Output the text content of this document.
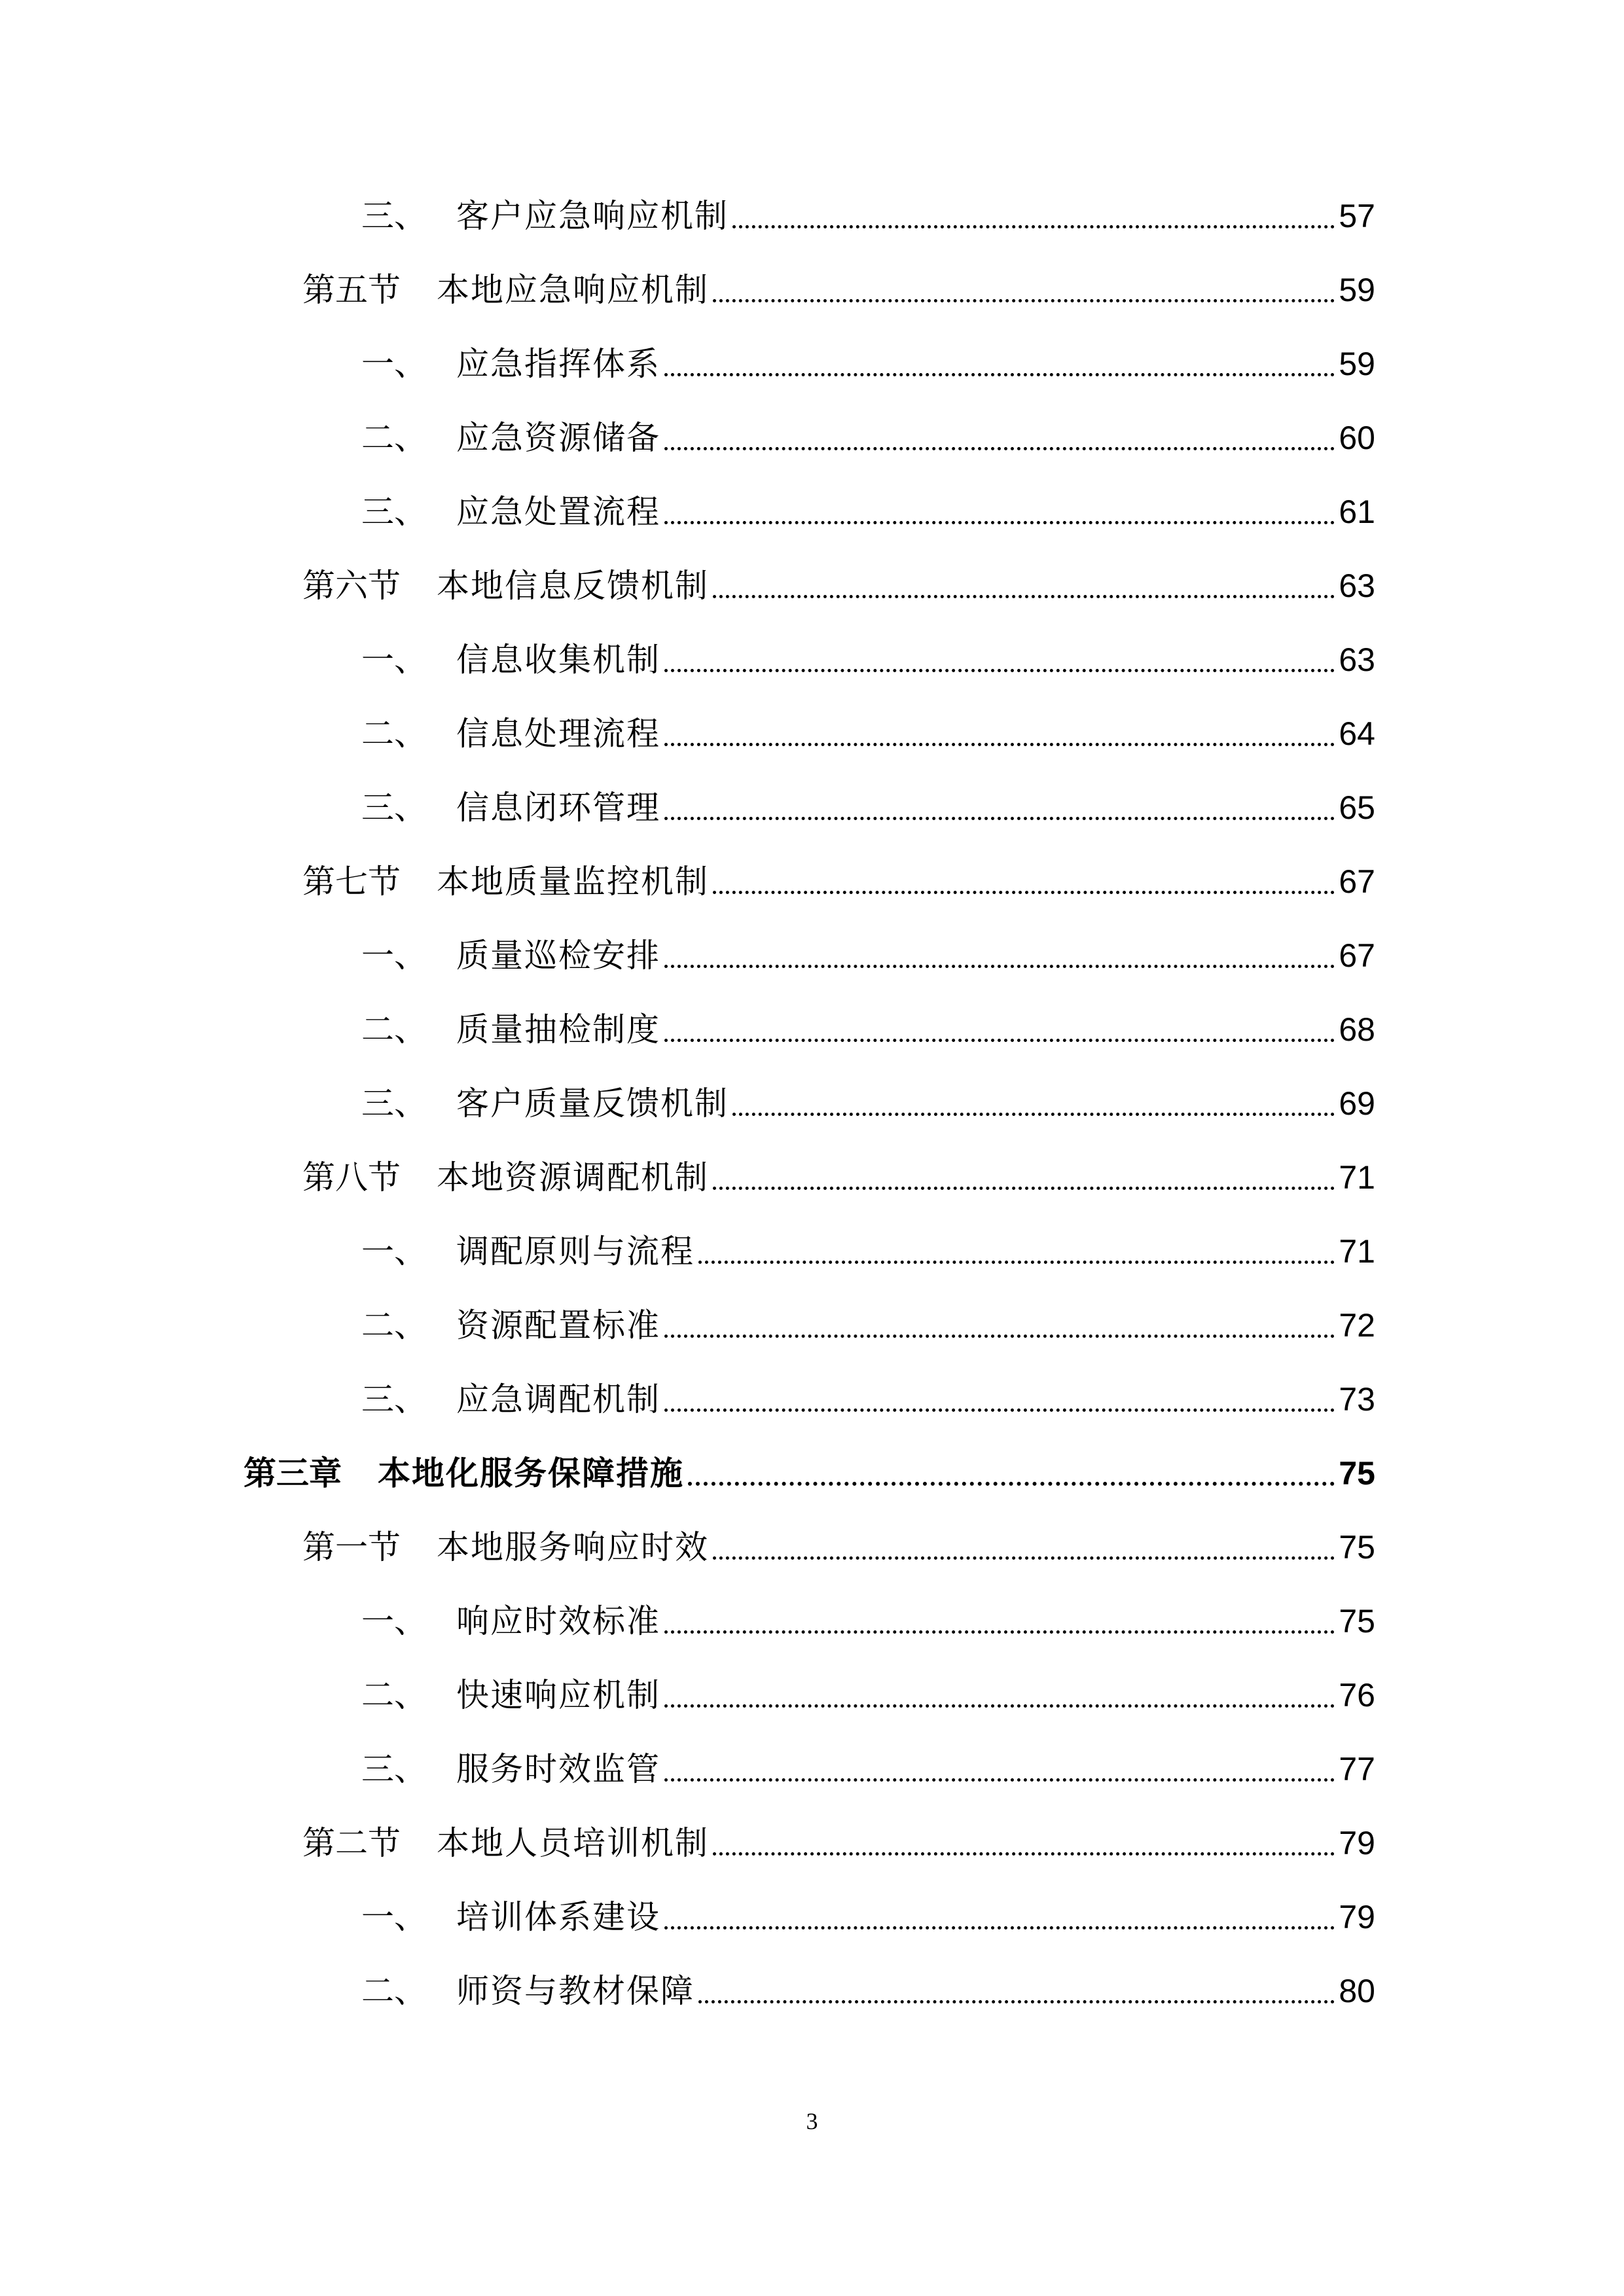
三、 客户应急响应机制	57
第五节	本地应急响应机制	59
一、 应急指挥体系	59
二、 应急资源储备	60
三、 应急处置流程	61
第六节	本地信息反馈机制	63
一、 信息收集机制	63
二、 信息处理流程	64
三、 信息闭环管理	65
第七节	本地质量监控机制	67
一、 质量巡检安排	67
二、 质量抽检制度	68
三、 客户质量反馈机制	69
第八节	本地资源调配机制	71
一、 调配原则与流程	71
二、 资源配置标准	72
三、 应急调配机制	73
第三章	本地化服务保障措施	75
第一节	本地服务响应时效	75
一、 响应时效标准	75
二、 快速响应机制	76
三、 服务时效监管	77
第二节	本地人员培训机制	79
一、 培训体系建设	79
二、 师资与教材保障	80
3
